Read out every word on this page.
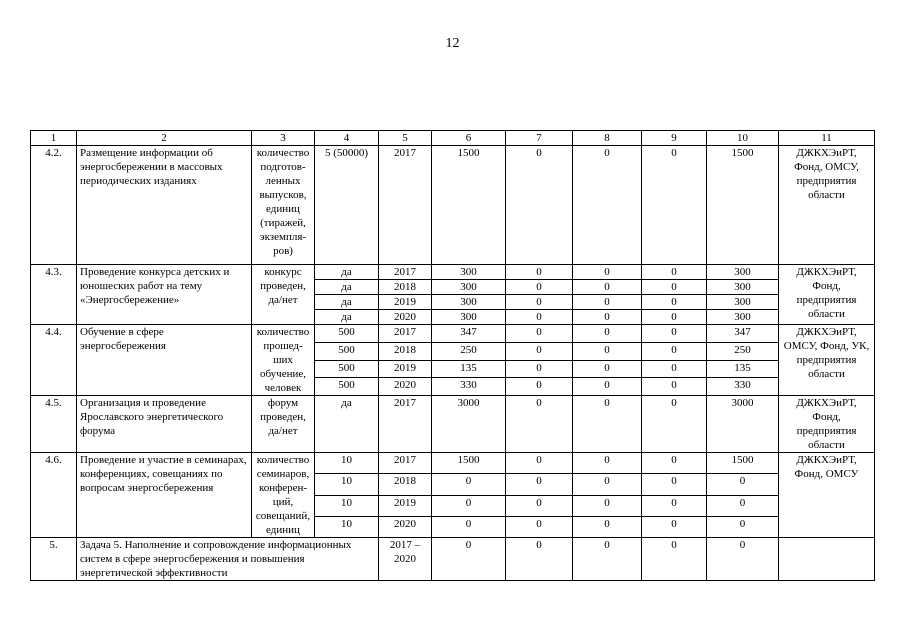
12
1	2	3	4	5	6	7	8	9	10	11
4.2.	Размещение информации об энергосбережении в массовых периодических изданиях	количество подготов-ленных выпусков, единиц (тиражей, экземпля-ров)	5 (50000)	2017	1500	0	0	0	1500	ДЖКХЭиРТ, Фонд, ОМСУ, предприятия области
4.3.	Проведение конкурса детских и юношеских работ на тему «Энергосбережение»	конкурс проведен, да/нет	да	2017	300	0	0	0	300	ДЖКХЭиРТ, Фонд, предприятия области
			да	2018	300	0	0	0	300	
			да	2019	300	0	0	0	300	
			да	2020	300	0	0	0	300	
4.4.	Обучение в сфере энергосбережения	количество прошед-ших обучение, человек	500	2017	347	0	0	0	347	ДЖКХЭиРТ, ОМСУ, Фонд, УК, предприятия области
			500	2018	250	0	0	0	250	
			500	2019	135	0	0	0	135	
			500	2020	330	0	0	0	330	
4.5.	Организация и проведение Ярославского энергетического форума	форум проведен, да/нет	да	2017	3000	0	0	0	3000	ДЖКХЭиРТ, Фонд, предприятия области
4.6.	Проведение и участие в семинарах, конференциях, совещаниях по вопросам энергосбережения	количество семинаров, конферен-ций, совещаний, единиц	10	2017	1500	0	0	0	1500	ДЖКХЭиРТ, Фонд, ОМСУ
			10	2018	0	0	0	0	0	
			10	2019	0	0	0	0	0	
			10	2020	0	0	0	0	0	
5.	Задача 5. Наполнение и сопровождение информационных систем в сфере энергосбережения и повышения энергетической эффективности			2017 – 2020	0	0	0	0	0	
